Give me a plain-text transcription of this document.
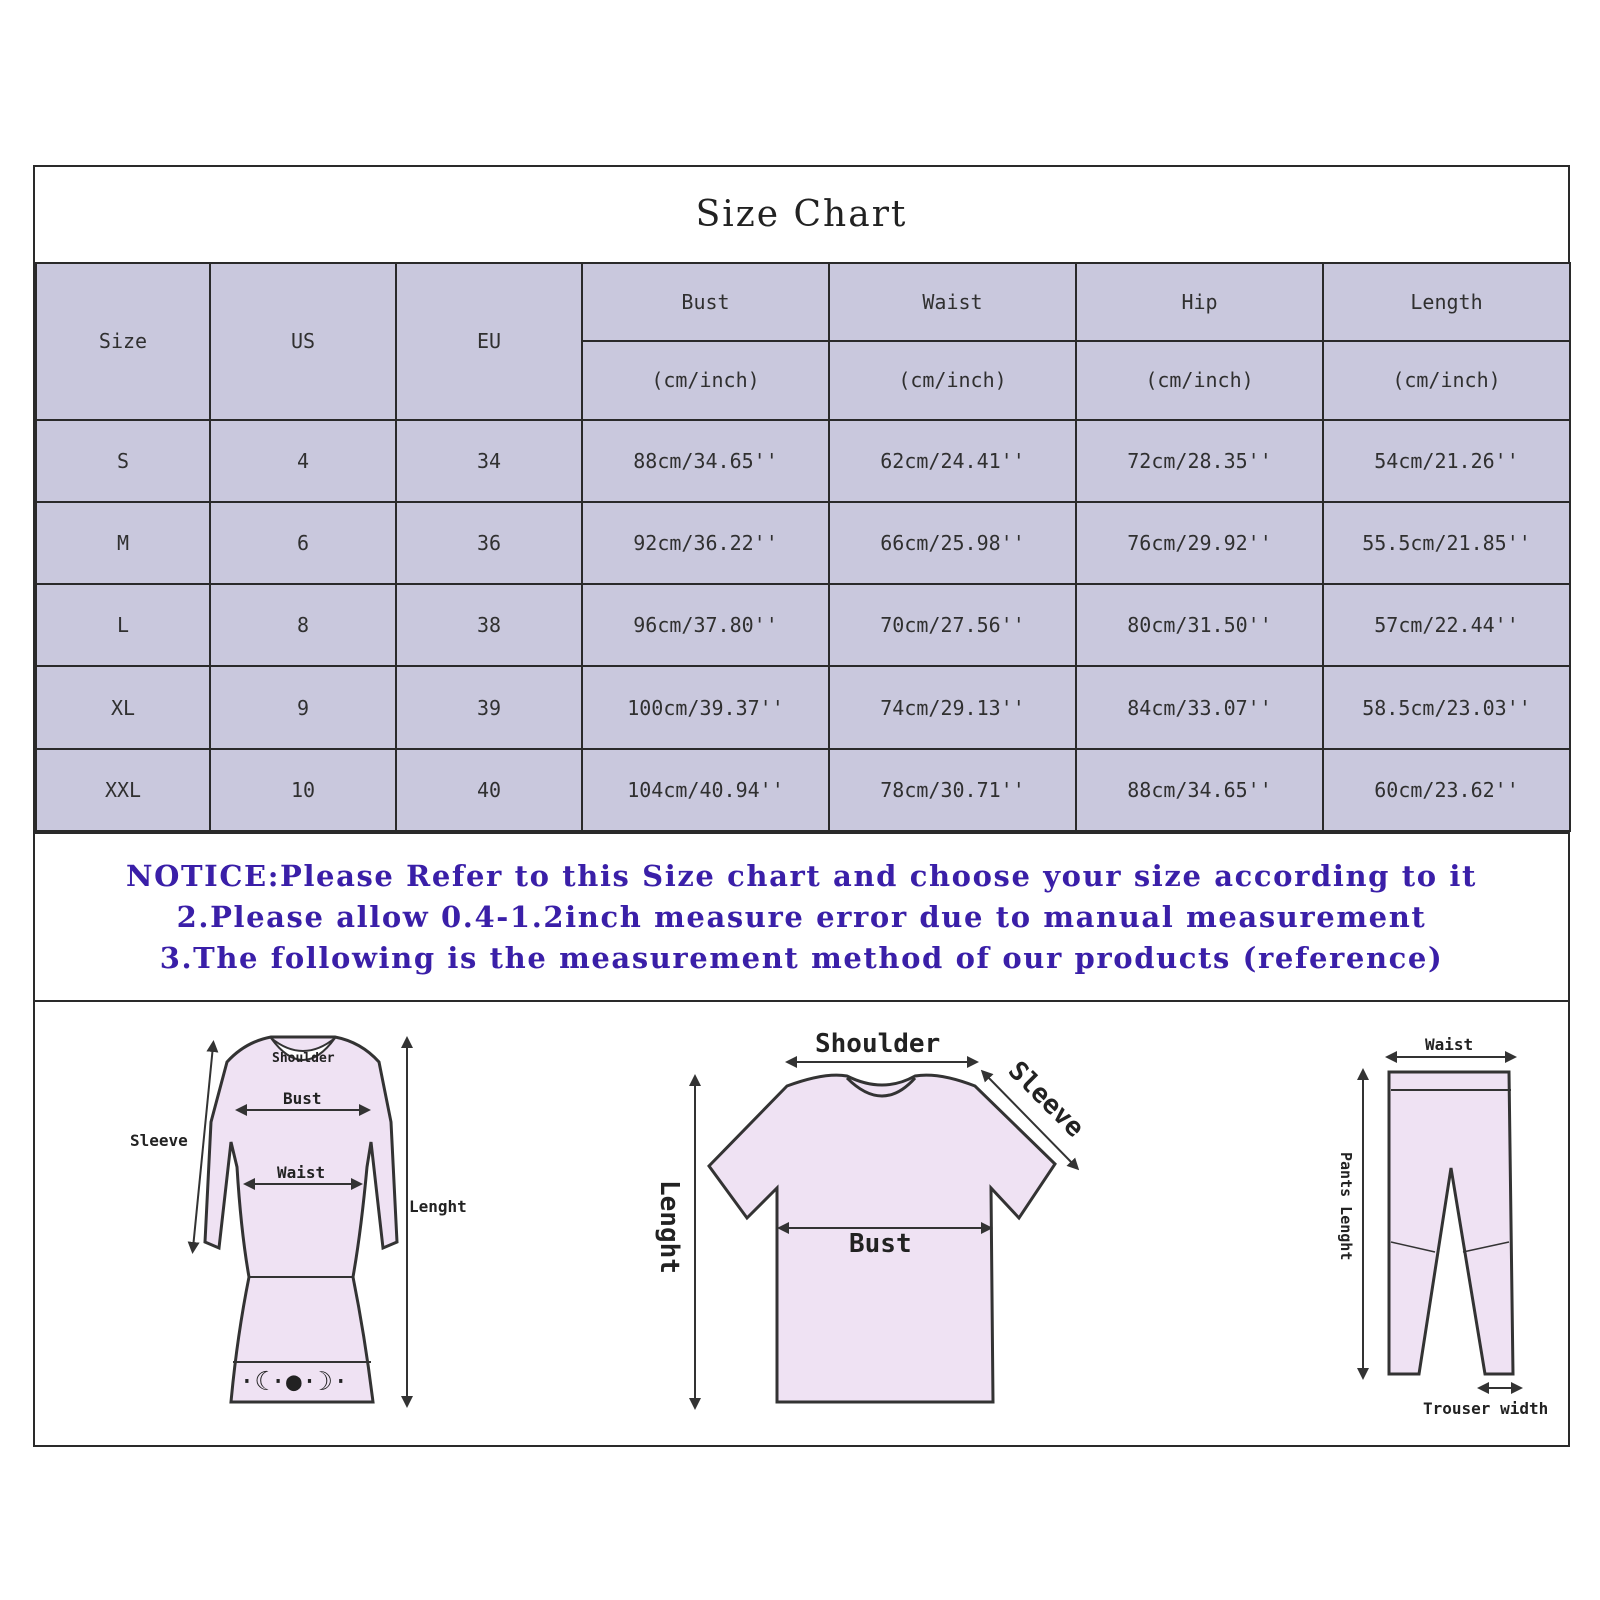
Size Chart
Size	US	EU	Bust	Waist	Hip	Length
			(cm/inch)	(cm/inch)	(cm/inch)	(cm/inch)
S	4	34	88cm/34.65''	62cm/24.41''	72cm/28.35''	54cm/21.26''
M	6	36	92cm/36.22''	66cm/25.98''	76cm/29.92''	55.5cm/21.85''
L	8	38	96cm/37.80''	70cm/27.56''	80cm/31.50''	57cm/22.44''
XL	9	39	100cm/39.37''	74cm/29.13''	84cm/33.07''	58.5cm/23.03''
XXL	10	40	104cm/40.94''	78cm/30.71''	88cm/34.65''	60cm/23.62''
NOTICE:Please Refer to this Size chart and choose your size according to it
2.Please allow 0.4-1.2inch measure error due to manual measurement
3.The following is the measurement method of our products (reference)
⋅☾⋅●⋅☽⋅
Shoulder
Bust
Waist
Sleeve
Lenght
Shoulder
Sleeve
Lenght	Bust
Waist
Pants Lenght
Trouser width
